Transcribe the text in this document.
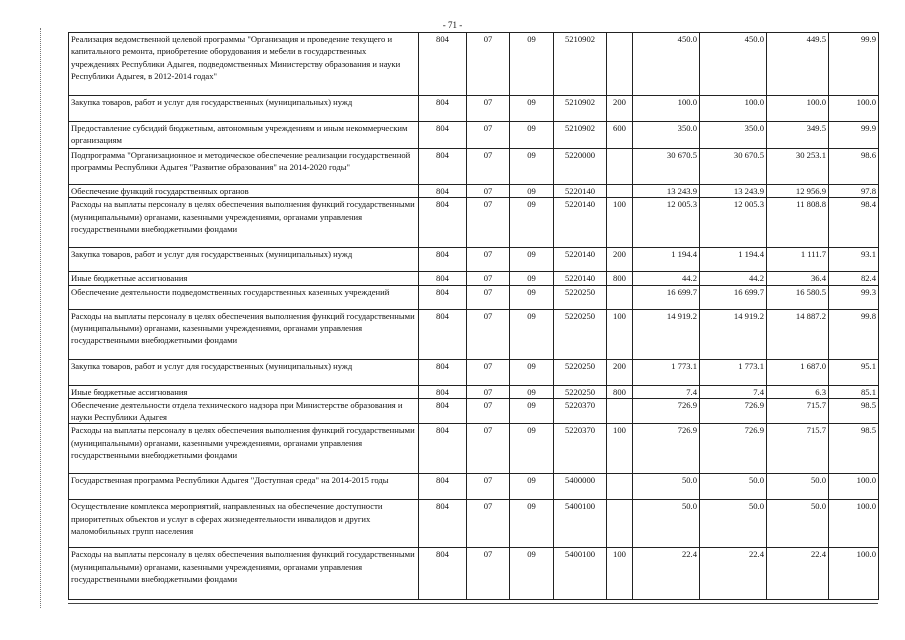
- 71 -
Реализация ведомственной целевой программы "Организация и проведение текущего и капитального ремонта, приобретение оборудования и мебели в государственных учреждениях Республики Адыгея, подведомственных Министерству образования и науки Республики Адыгея, в 2012-2014 годах"	804	07	09	5210902		450.0	450.0	449.5	99.9
Закупка товаров, работ и услуг для государственных (муниципальных) нужд	804	07	09	5210902	200	100.0	100.0	100.0	100.0
Предоставление субсидий бюджетным, автономным учреждениям и иным некоммерческим организациям	804	07	09	5210902	600	350.0	350.0	349.5	99.9
Подпрограмма "Организационное и методическое обеспечение реализации государственной программы Республики Адыгея "Развитие образования" на 2014-2020 годы"	804	07	09	5220000		30 670.5	30 670.5	30 253.1	98.6
Обеспечение функций государственных органов	804	07	09	5220140		13 243.9	13 243.9	12 956.9	97.8
Расходы на выплаты персоналу в целях обеспечения выполнения функций государственными (муниципальными) органами, казенными учреждениями, органами управления государственными внебюджетными фондами	804	07	09	5220140	100	12 005.3	12 005.3	11 808.8	98.4
Закупка товаров, работ и услуг для государственных (муниципальных) нужд	804	07	09	5220140	200	1 194.4	1 194.4	1 111.7	93.1
Иные бюджетные ассигнования	804	07	09	5220140	800	44.2	44.2	36.4	82.4
Обеспечение деятельности подведомственных государственных казенных учреждений	804	07	09	5220250		16 699.7	16 699.7	16 580.5	99.3
Расходы на выплаты персоналу в целях обеспечения выполнения функций государственными (муниципальными) органами, казенными учреждениями, органами управления государственными внебюджетными фондами	804	07	09	5220250	100	14 919.2	14 919.2	14 887.2	99.8
Закупка товаров, работ и услуг для государственных (муниципальных) нужд	804	07	09	5220250	200	1 773.1	1 773.1	1 687.0	95.1
Иные бюджетные ассигнования	804	07	09	5220250	800	7.4	7.4	6.3	85.1
Обеспечение деятельности отдела технического надзора при Министерстве образования и науки Республики Адыгея	804	07	09	5220370		726.9	726.9	715.7	98.5
Расходы на выплаты персоналу в целях обеспечения выполнения функций государственными (муниципальными) органами, казенными учреждениями, органами управления государственными внебюджетными фондами	804	07	09	5220370	100	726.9	726.9	715.7	98.5
Государственная программа Республики Адыгея "Доступная среда" на 2014-2015 годы	804	07	09	5400000		50.0	50.0	50.0	100.0
Осуществление комплекса мероприятий, направленных на обеспечение доступности приоритетных объектов и услуг в сферах жизнедеятельности инвалидов и других маломобильных групп населения	804	07	09	5400100		50.0	50.0	50.0	100.0
Расходы на выплаты персоналу в целях обеспечения выполнения функций государственными (муниципальными) органами, казенными учреждениями, органами управления государственными внебюджетными фондами	804	07	09	5400100	100	22.4	22.4	22.4	100.0
